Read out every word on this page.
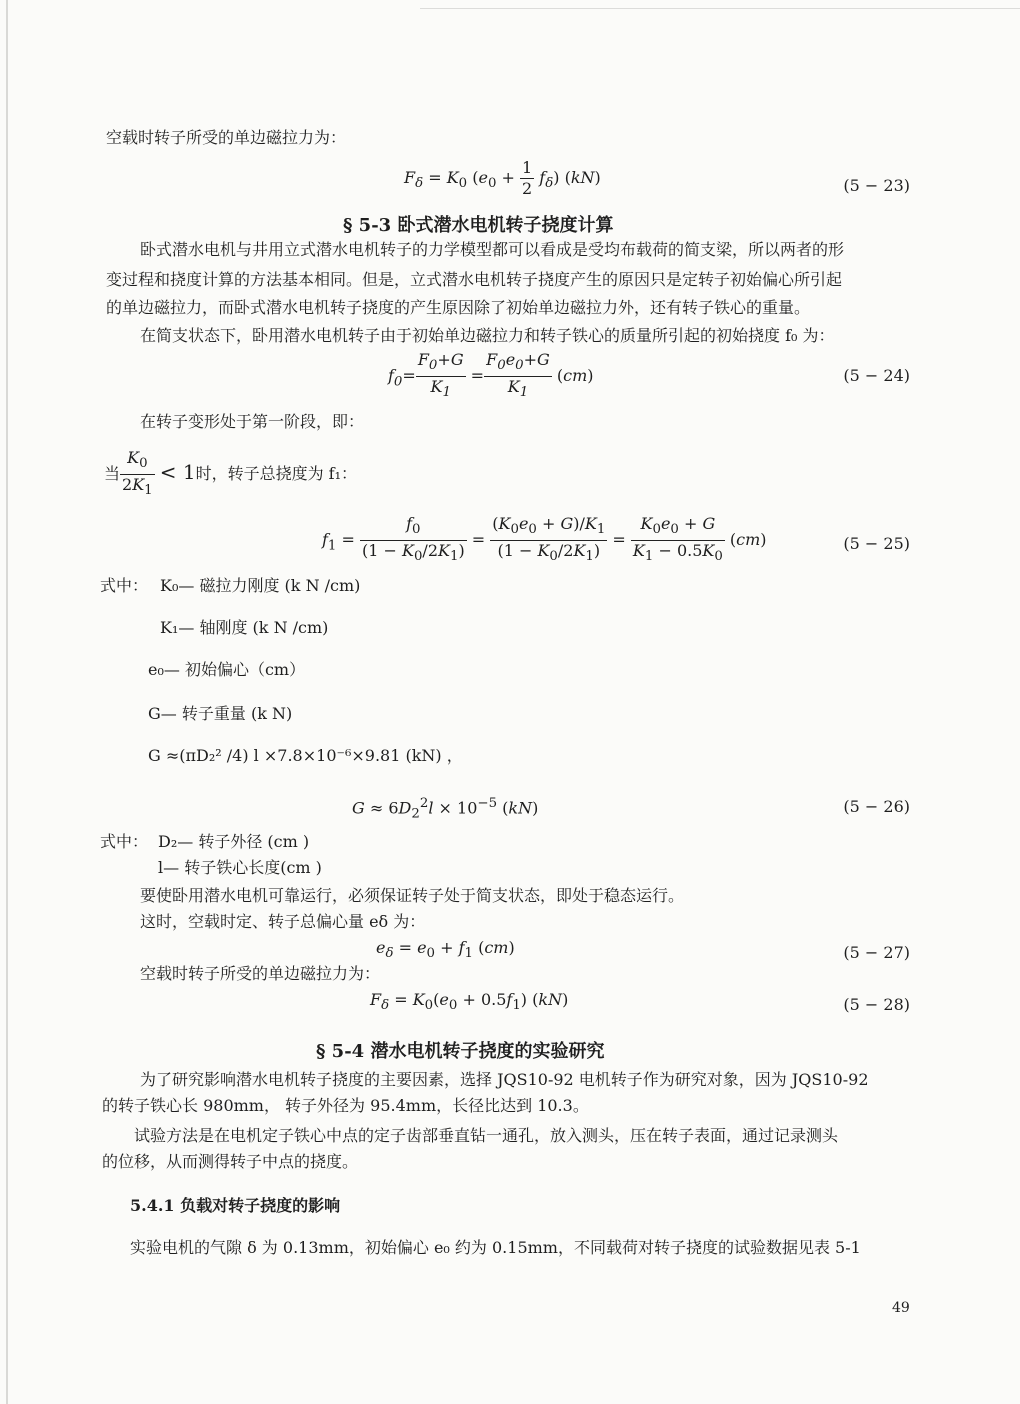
空载时转子所受的单边磁拉力为：
$F_\delta = K_0$ $(e_0 + \frac{1}{2} f_\delta)$ (kN)	(5 − 23)
§ 5-3 卧式潜水电机转子挠度计算
卧式潜水电机与井用立式潜水电机转子的力学模型都可以看成是受均布载荷的简支梁，所以两者的形
变过程和挠度计算的方法基本相同。但是，立式潜水电机转子挠度产生的原因只是定转子初始偏心所引起
的单边磁拉力，而卧式潜水电机转子挠度的产生原因除了初始单边磁拉力外，还有转子铁心的重量。
在简支状态下，卧用潜水电机转子由于初始单边磁拉力和转子铁心的质量所引起的初始挠度 f₀ 为：
$f_0= \frac{F_0+G}{K_1} = \frac{F_0e_0+G}{K_1} (cm)$	(5 − 24)
在转子变形处于第一阶段，即：
当 $\frac{K_0}{2K_1} < 1$时，转子总挠度为 f₁：
$f_1 = \frac{f_0}{(1 - K_0/2K_1)} = \frac{(K_0e_0 + G)/K_1}{(1 - K_0/2K_1)} = \frac{K_0e_0 + G}{K_1 - 0.5K_0} (cm)$	(5 − 25)
式中： K₀— 磁拉力刚度 (k N /cm)
K₁— 轴刚度 (k N /cm)
e₀— 初始偏心（cm）
G— 转子重量 (k N)
G ≈(πD₂² /4) l ×7.8×10⁻⁶×9.81 (kN) ，
$G \approx 6D_2^2l \times 10^{-5}$ (kN)	(5 − 26)
式中： D₂— 转子外径 (cm )
l— 转子铁心长度(cm )
要使卧用潜水电机可靠运行，必须保证转子处于简支状态，即处于稳态运行。
这时，空载时定、转子总偏心量 eδ 为：
$e_\delta = e_0 + f_1$ (cm)	(5 − 27)
空载时转子所受的单边磁拉力为：
$F_\delta = K_0(e_0 + 0.5f_1)$ (kN)	(5 − 28)
§ 5-4 潜水电机转子挠度的实验研究
为了研究影响潜水电机转子挠度的主要因素，选择 JQS10-92 电机转子作为研究对象，因为 JQS10-92
的转子铁心长 980mm， 转子外径为 95.4mm，长径比达到 10.3。
试验方法是在电机定子铁心中点的定子齿部垂直钻一通孔，放入测头，压在转子表面，通过记录测头
的位移，从而测得转子中点的挠度。
5.4.1 负载对转子挠度的影响
实验电机的气隙 δ 为 0.13mm，初始偏心 e₀ 约为 0.15mm，不同载荷对转子挠度的试验数据见表 5-1
49
